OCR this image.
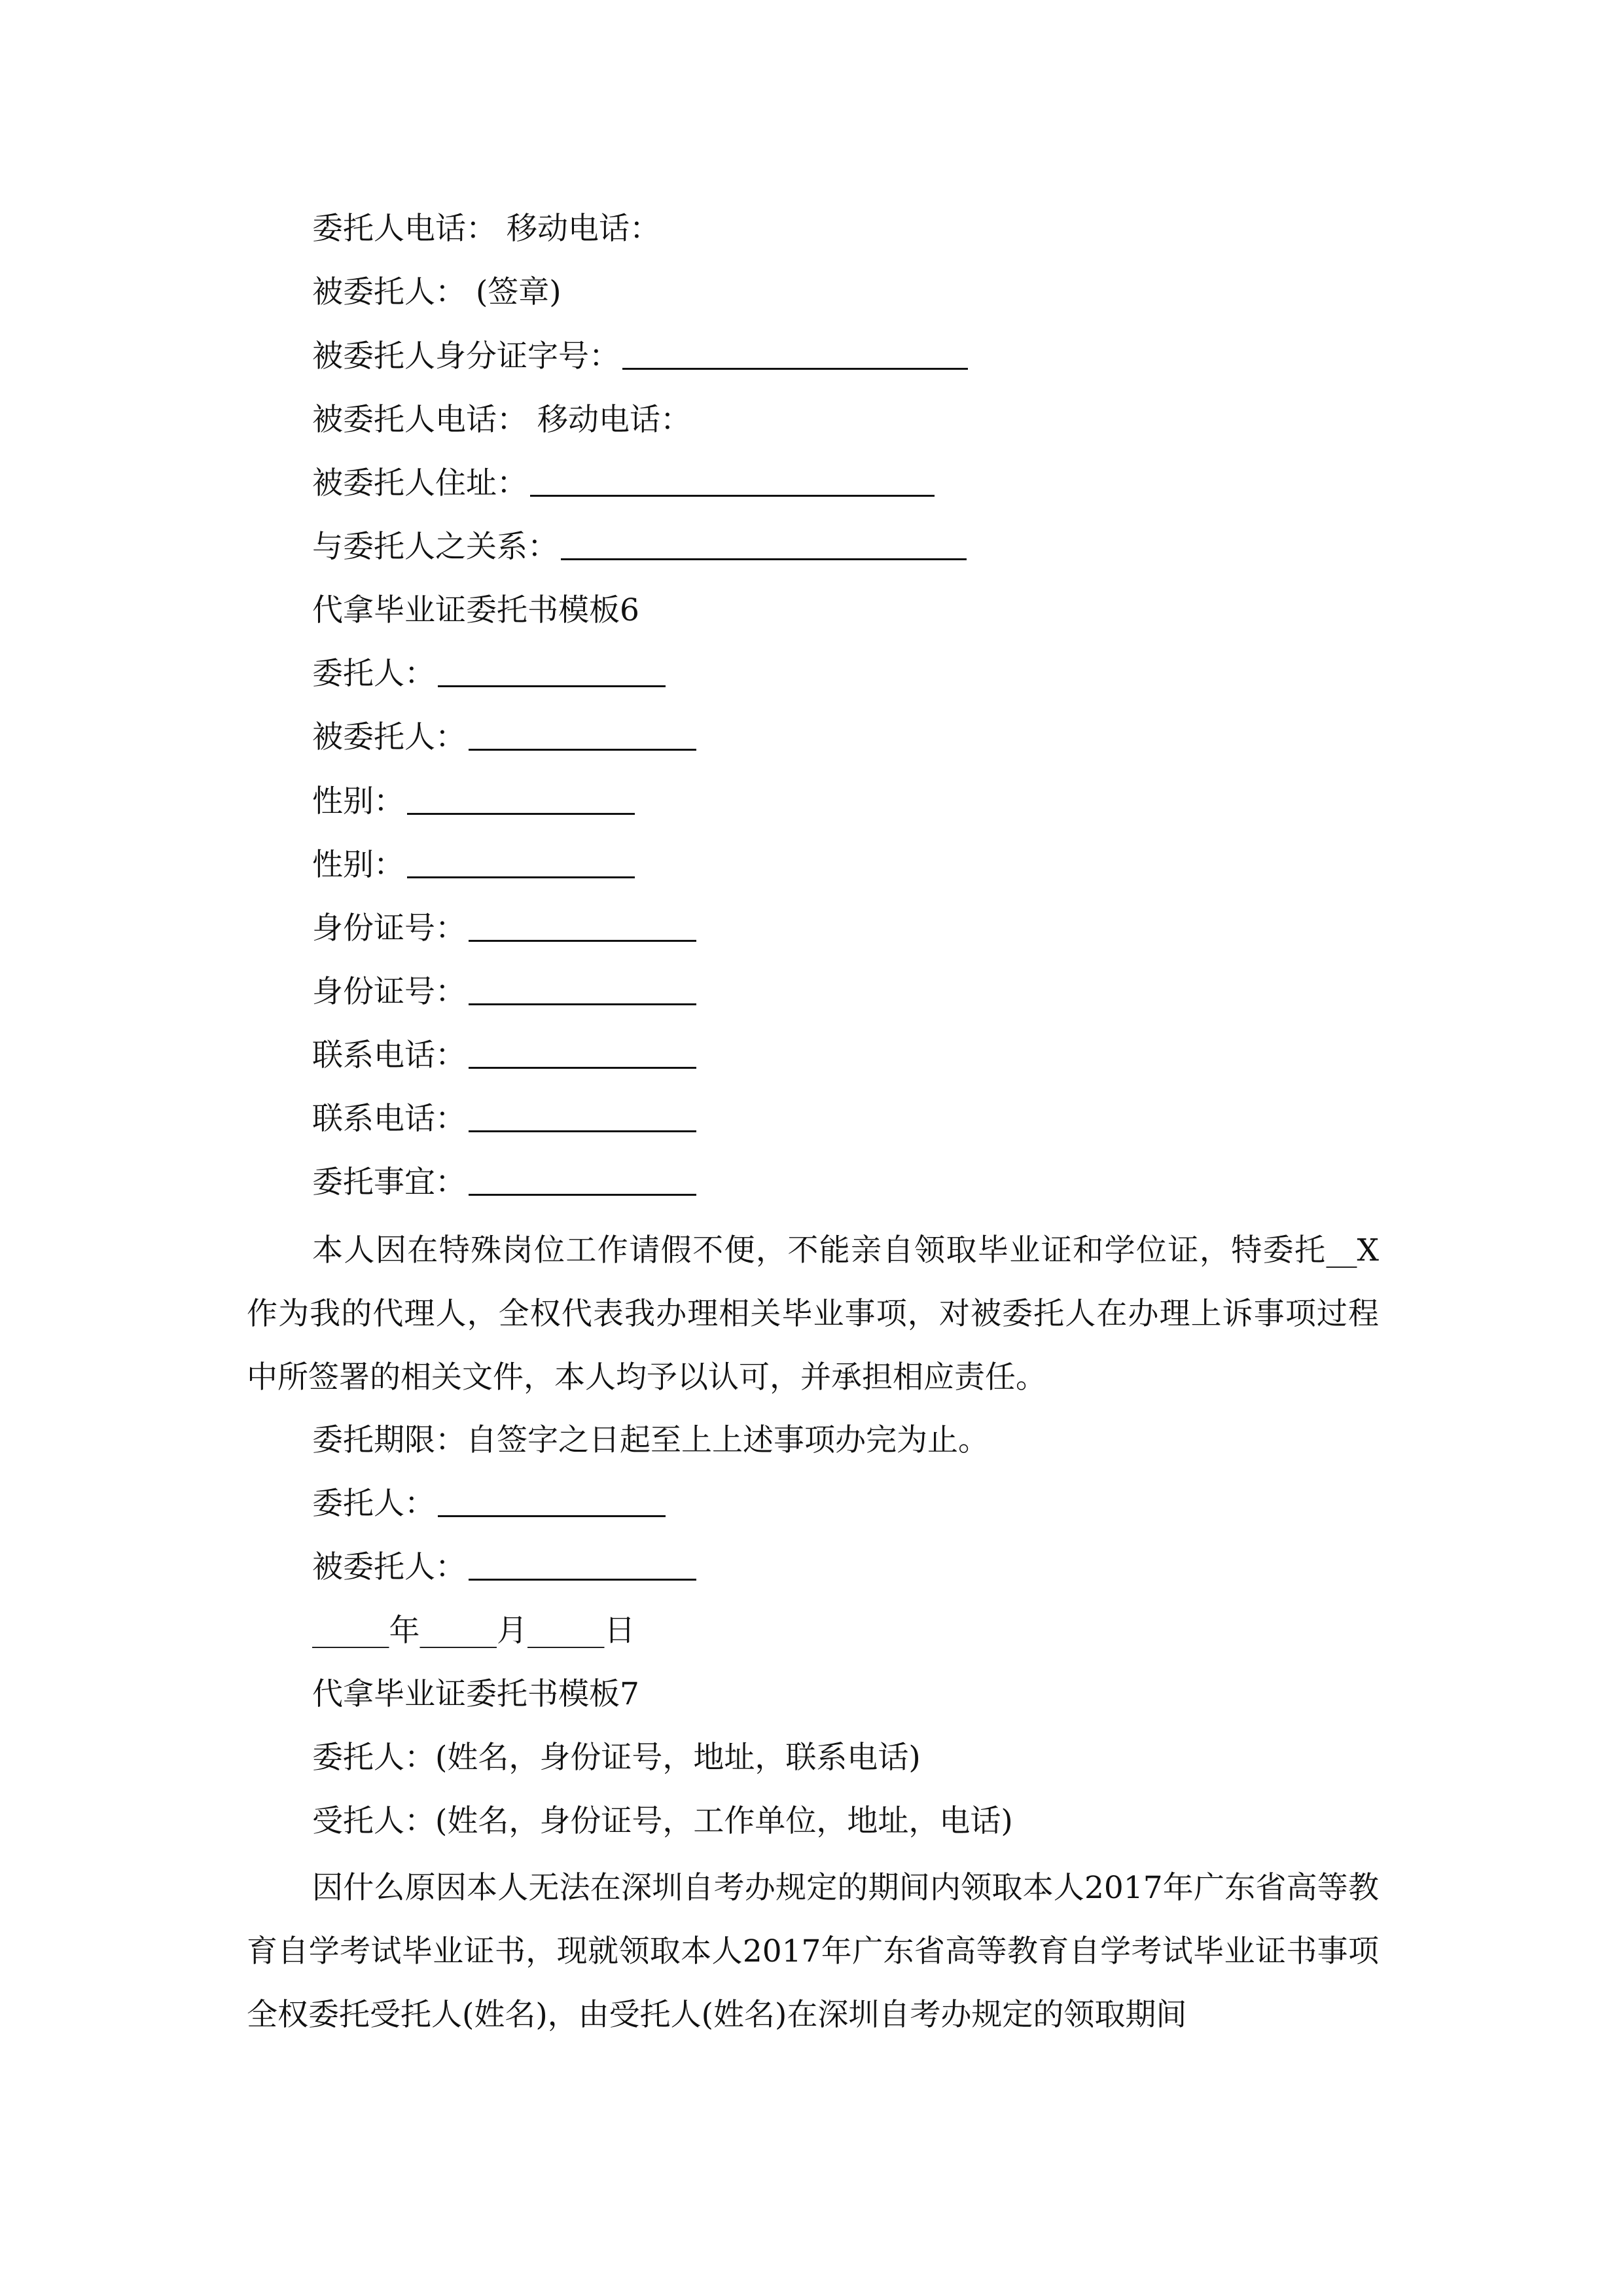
委托人电话： 移动电话：
被委托人： (签章)
被委托人身分证字号：
被委托人电话： 移动电话：
被委托人住址：
与委托人之关系：
代拿毕业证委托书模板6
委托人：
被委托人：
性别：
性别：
身份证号：
身份证号：
联系电话：
联系电话：
委托事宜：

本人因在特殊岗位工作请假不便，不能亲自领取毕业证和学位证，特委托__X作为我的代理人，全权代表我办理相关毕业事项，对被委托人在办理上诉事项过程中所签署的相关文件，本人均予以认可，并承担相应责任。

委托期限：自签字之日起至上上述事项办完为止。
委托人：
被委托人：
_____年_____月_____日
代拿毕业证委托书模板7
委托人：(姓名，身份证号，地址，联系电话)
受托人：(姓名，身份证号，工作单位，地址，电话)

因什么原因本人无法在深圳自考办规定的期间内领取本人2017年广东省高等教育自学考试毕业证书，现就领取本人2017年广东省高等教育自学考试毕业证书事项全权委托受托人(姓名)，由受托人(姓名)在深圳自考办规定的领取期间
